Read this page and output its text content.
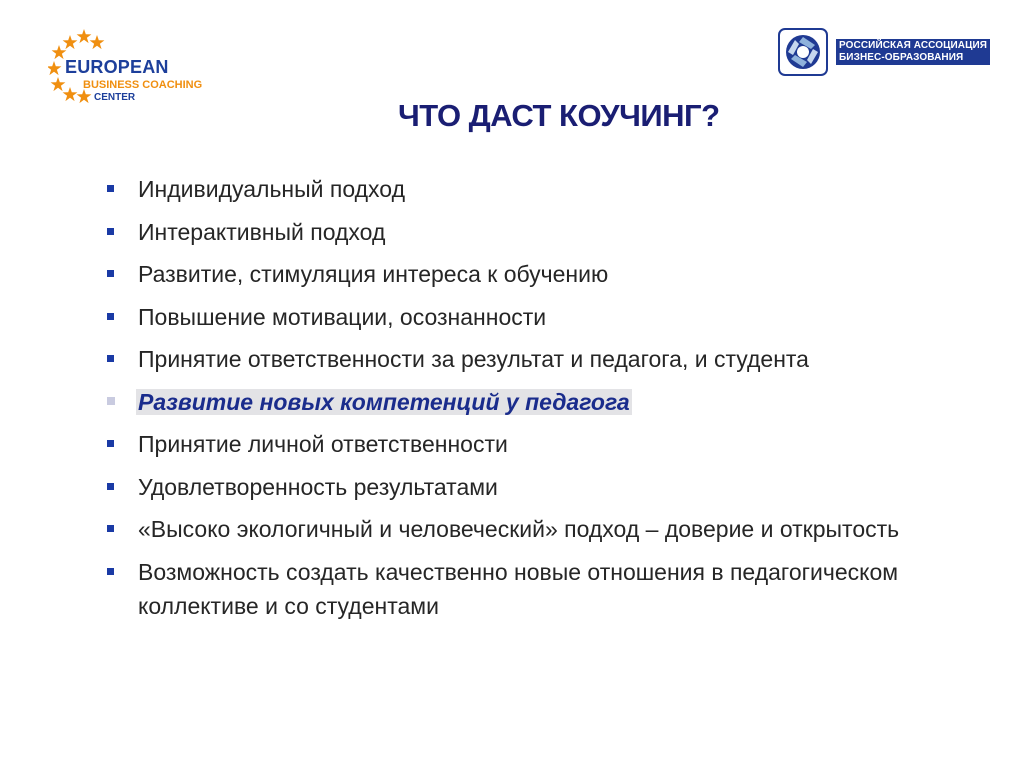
EUROPEAN
BUSINESS COACHING
CENTER
РОССИЙСКАЯ АССОЦИАЦИЯ
БИЗНЕС-ОБРАЗОВАНИЯ
ЧТО ДАСТ КОУЧИНГ?
Индивидуальный подход
Интерактивный подход
Развитие, стимуляция интереса к обучению
Повышение мотивации, осознанности
Принятие ответственности за результат и педагога, и студента
Развитие новых компетенций у педагога
Принятие личной ответственности
Удовлетворенность результатами
«Высоко экологичный и человеческий» подход – доверие и открытость
Возможность создать качественно новые отношения в педагогическом коллективе и со студентами
